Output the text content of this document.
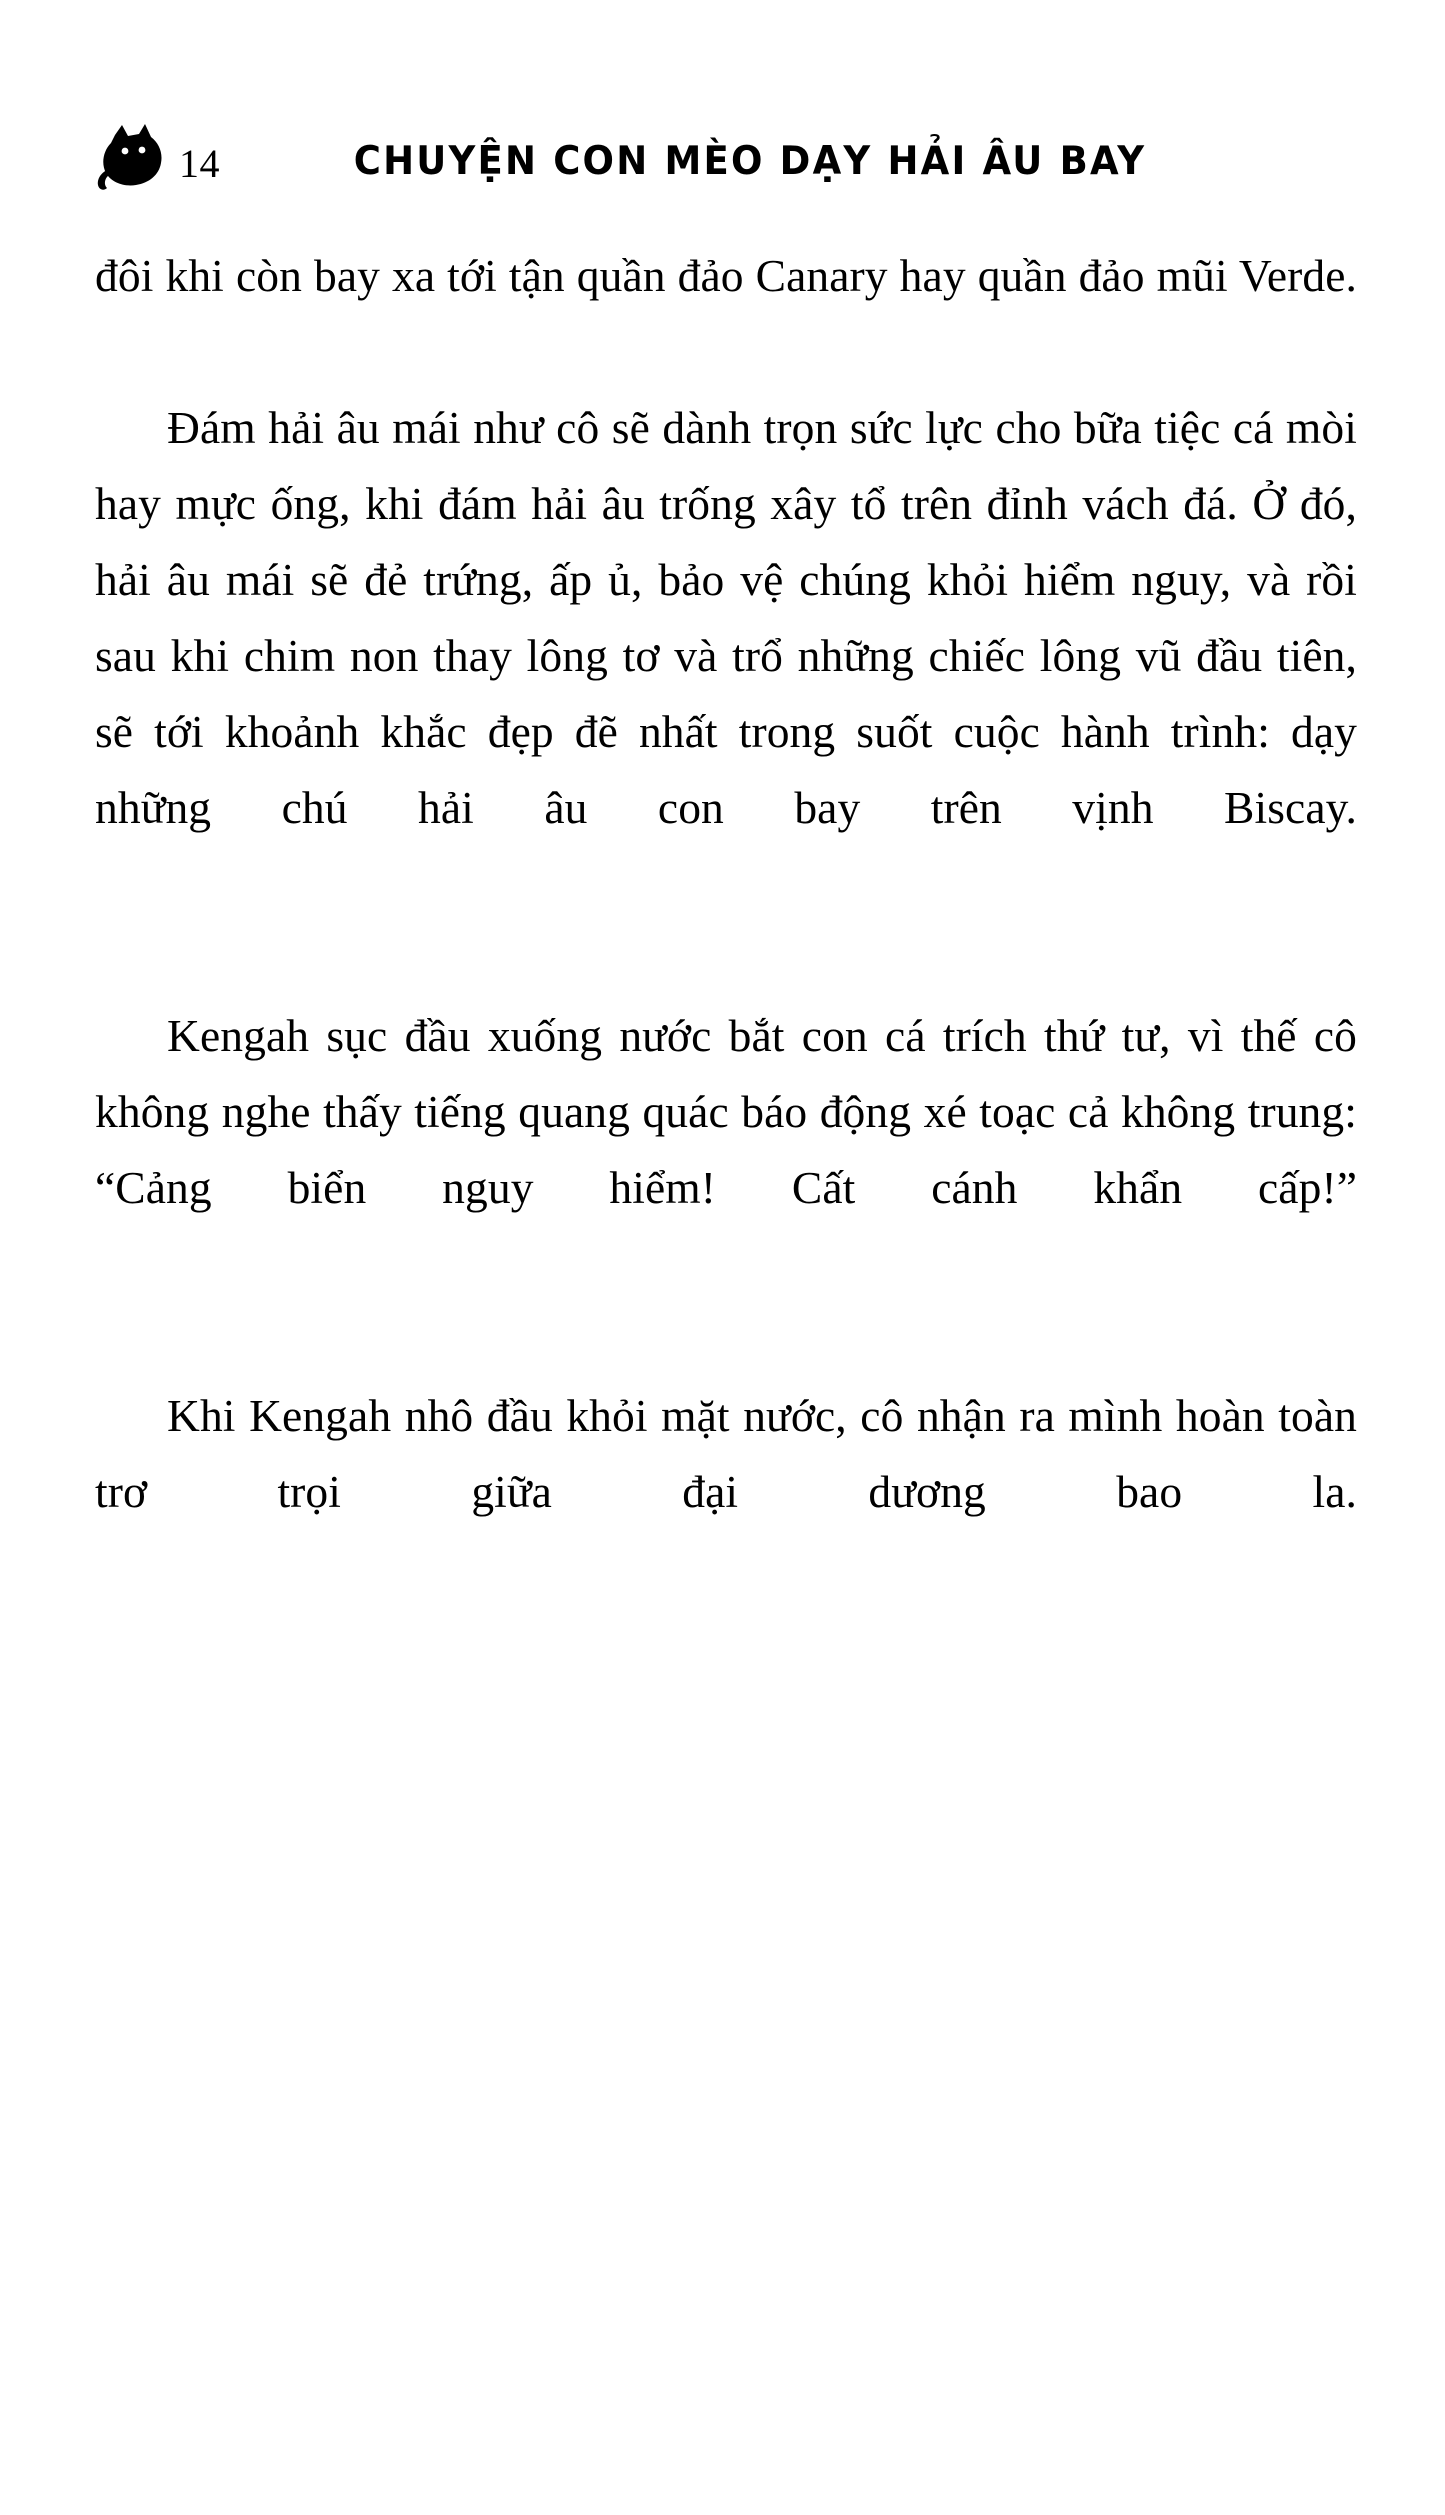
14	CHUYỆN CON MÈO DẠY HẢI ÂU BAY

đôi khi còn bay xa tới tận quần đảo Canary hay quần đảo mũi Verde.

Đám hải âu mái như cô sẽ dành trọn sức lực cho bữa tiệc cá mòi hay mực ống, khi đám hải âu trống xây tổ trên đỉnh vách đá. Ở đó, hải âu mái sẽ đẻ trứng, ấp ủ, bảo vệ chúng khỏi hiểm nguy, và rồi sau khi chim non thay lông tơ và trổ những chiếc lông vũ đầu tiên, sẽ tới khoảnh khắc đẹp đẽ nhất trong suốt cuộc hành trình: dạy những chú hải âu con bay trên vịnh Biscay.

Kengah sục đầu xuống nước bắt con cá trích thứ tư, vì thế cô không nghe thấy tiếng quang quác báo động xé toạc cả không trung: “Cảng biển nguy hiểm! Cất cánh khẩn cấp!”

Khi Kengah nhô đầu khỏi mặt nước, cô nhận ra mình hoàn toàn trơ trọi giữa đại dương bao la.
